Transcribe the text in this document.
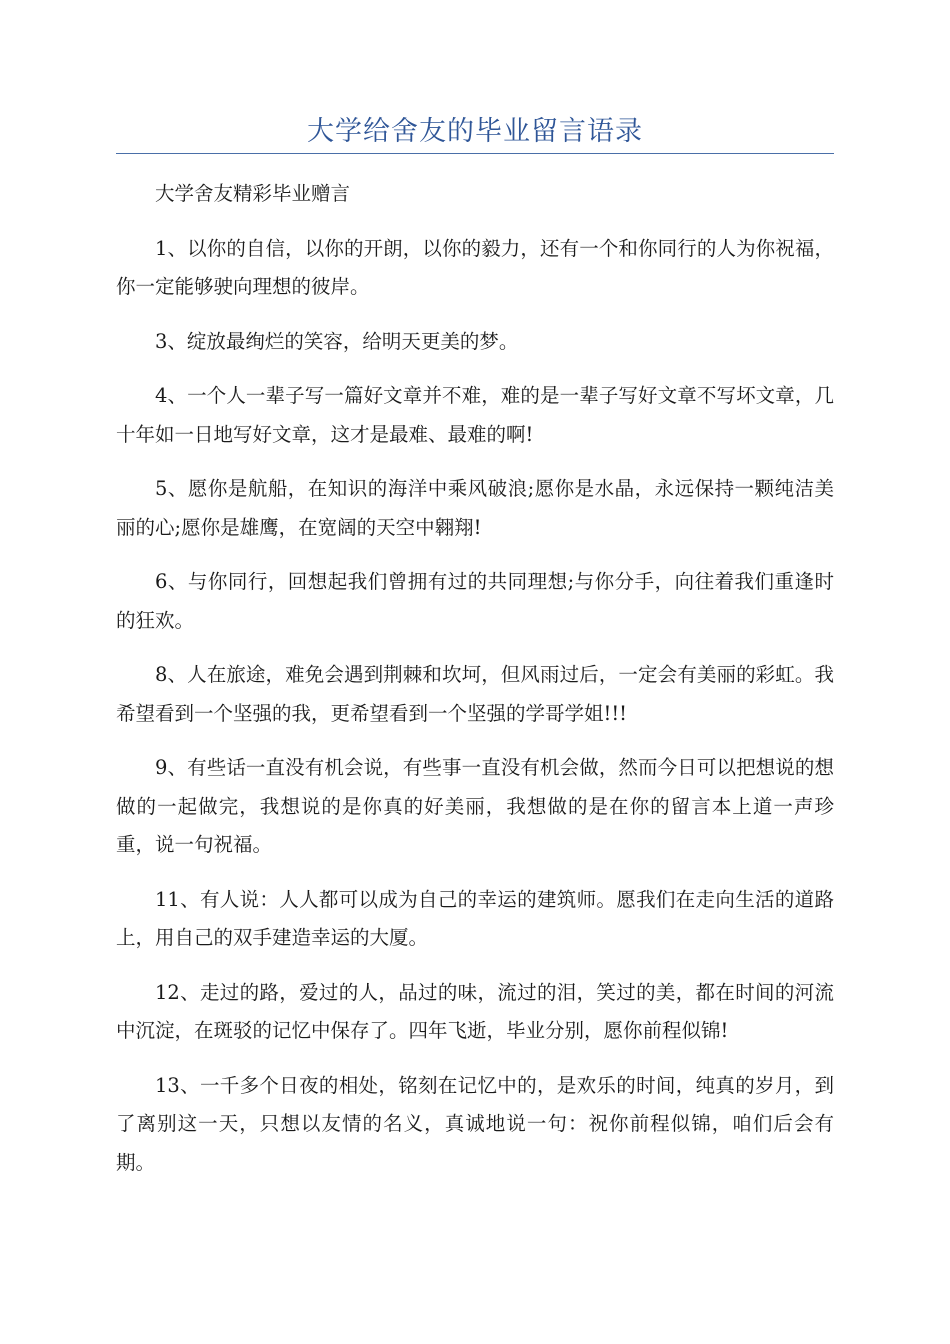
大学给舍友的毕业留言语录

大学舍友精彩毕业赠言

1、以你的自信，以你的开朗，以你的毅力，还有一个和你同行的人为你祝福，你一定能够驶向理想的彼岸。

3、绽放最绚烂的笑容，给明天更美的梦。

4、一个人一辈子写一篇好文章并不难，难的是一辈子写好文章不写坏文章，几十年如一日地写好文章，这才是最难、最难的啊!

5、愿你是航船，在知识的海洋中乘风破浪;愿你是水晶，永远保持一颗纯洁美丽的心;愿你是雄鹰，在宽阔的天空中翱翔!

6、与你同行，回想起我们曾拥有过的共同理想;与你分手，向往着我们重逢时的狂欢。

8、人在旅途，难免会遇到荆棘和坎坷，但风雨过后，一定会有美丽的彩虹。我希望看到一个坚强的我，更希望看到一个坚强的学哥学姐!!!

9、有些话一直没有机会说，有些事一直没有机会做，然而今日可以把想说的想做的一起做完，我想说的是你真的好美丽，我想做的是在你的留言本上道一声珍重，说一句祝福。

11、有人说：人人都可以成为自己的幸运的建筑师。愿我们在走向生活的道路上，用自己的双手建造幸运的大厦。

12、走过的路，爱过的人，品过的味，流过的泪，笑过的美，都在时间的河流中沉淀，在斑驳的记忆中保存了。四年飞逝，毕业分别，愿你前程似锦!

13、一千多个日夜的相处，铭刻在记忆中的，是欢乐的时间，纯真的岁月，到了离别这一天，只想以友情的名义，真诚地说一句：祝你前程似锦，咱们后会有期。
